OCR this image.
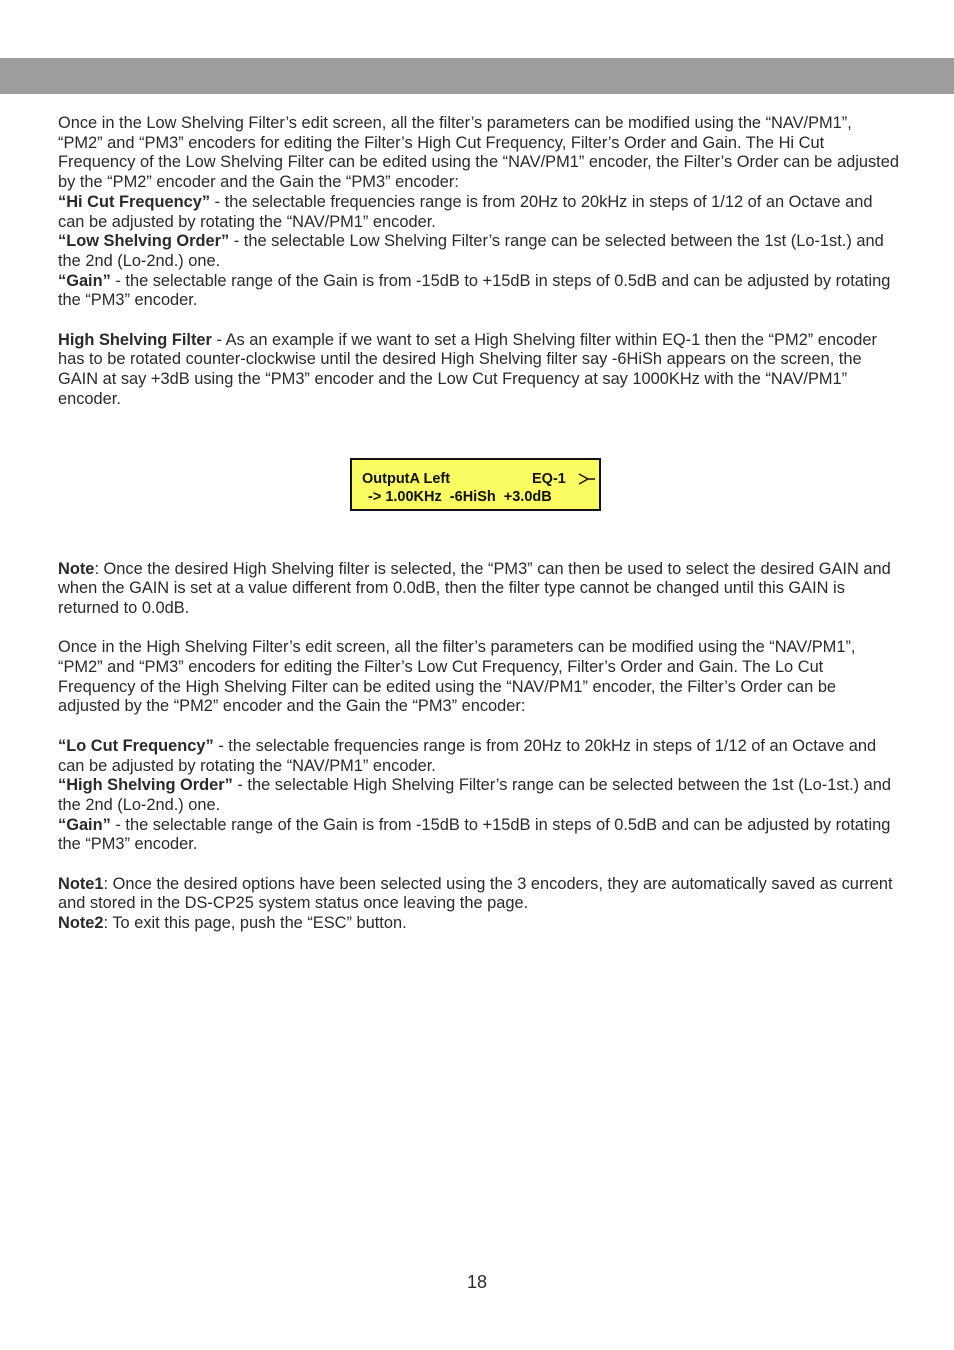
Once in the Low Shelving Filter’s edit screen, all the filter’s parameters can be modified using the “NAV/PM1”, “PM2” and “PM3” encoders for editing the Filter’s High Cut Frequency, Filter’s Order and Gain. The Hi Cut Frequency of the Low Shelving Filter can be edited using the “NAV/PM1” encoder, the Filter’s Order can be adjusted by the “PM2” encoder and the Gain the “PM3” encoder:

“Hi Cut Frequency” - the selectable frequencies range is from 20Hz to 20kHz in steps of 1/12 of an Octave and can be adjusted by rotating the “NAV/PM1” encoder.

“Low Shelving Order” - the selectable Low Shelving Filter’s range can be selected between the 1st (Lo-1st.) and the 2nd (Lo-2nd.) one.

“Gain” - the selectable range of the Gain is from -15dB to +15dB in steps of 0.5dB and can be adjusted by rotating the “PM3” encoder.

High Shelving Filter - As an example if we want to set a High Shelving filter within EQ-1 then the “PM2” encoder has to be rotated counter-clockwise until the desired High Shelving filter say -6HiSh appears on the screen, the GAIN at say +3dB using the “PM3” encoder and the Low Cut Frequency at say 1000KHz with the “NAV/PM1” encoder.

OutputA Left	EQ-1
-> 1.00KHz  -6HiSh  +3.0dB

Note: Once the desired High Shelving filter is selected, the “PM3” can then be used to select the desired GAIN and when the GAIN is set at a value different from 0.0dB, then the filter type cannot be changed until this GAIN is returned to 0.0dB.

Once in the High Shelving Filter’s edit screen, all the filter’s parameters can be modified using the “NAV/PM1”, “PM2” and “PM3” encoders for editing the Filter’s Low Cut Frequency, Filter’s Order and Gain. The Lo Cut Frequency of the High Shelving Filter can be edited using the “NAV/PM1” encoder, the Filter’s Order can be adjusted by the “PM2” encoder and the Gain the “PM3” encoder:

“Lo Cut Frequency” - the selectable frequencies range is from 20Hz to 20kHz in steps of 1/12 of an Octave and can be adjusted by rotating the “NAV/PM1” encoder.

“High Shelving Order” - the selectable High Shelving Filter’s range can be selected between the 1st (Lo-1st.) and the 2nd (Lo-2nd.) one.

“Gain” - the selectable range of the Gain is from -15dB to +15dB in steps of 0.5dB and can be adjusted by rotating the “PM3” encoder.

Note1: Once the desired options have been selected using the 3 encoders, they are automatically saved as current and stored in the DS-CP25 system status once leaving the page.

Note2: To exit this page, push the “ESC” button.

18
